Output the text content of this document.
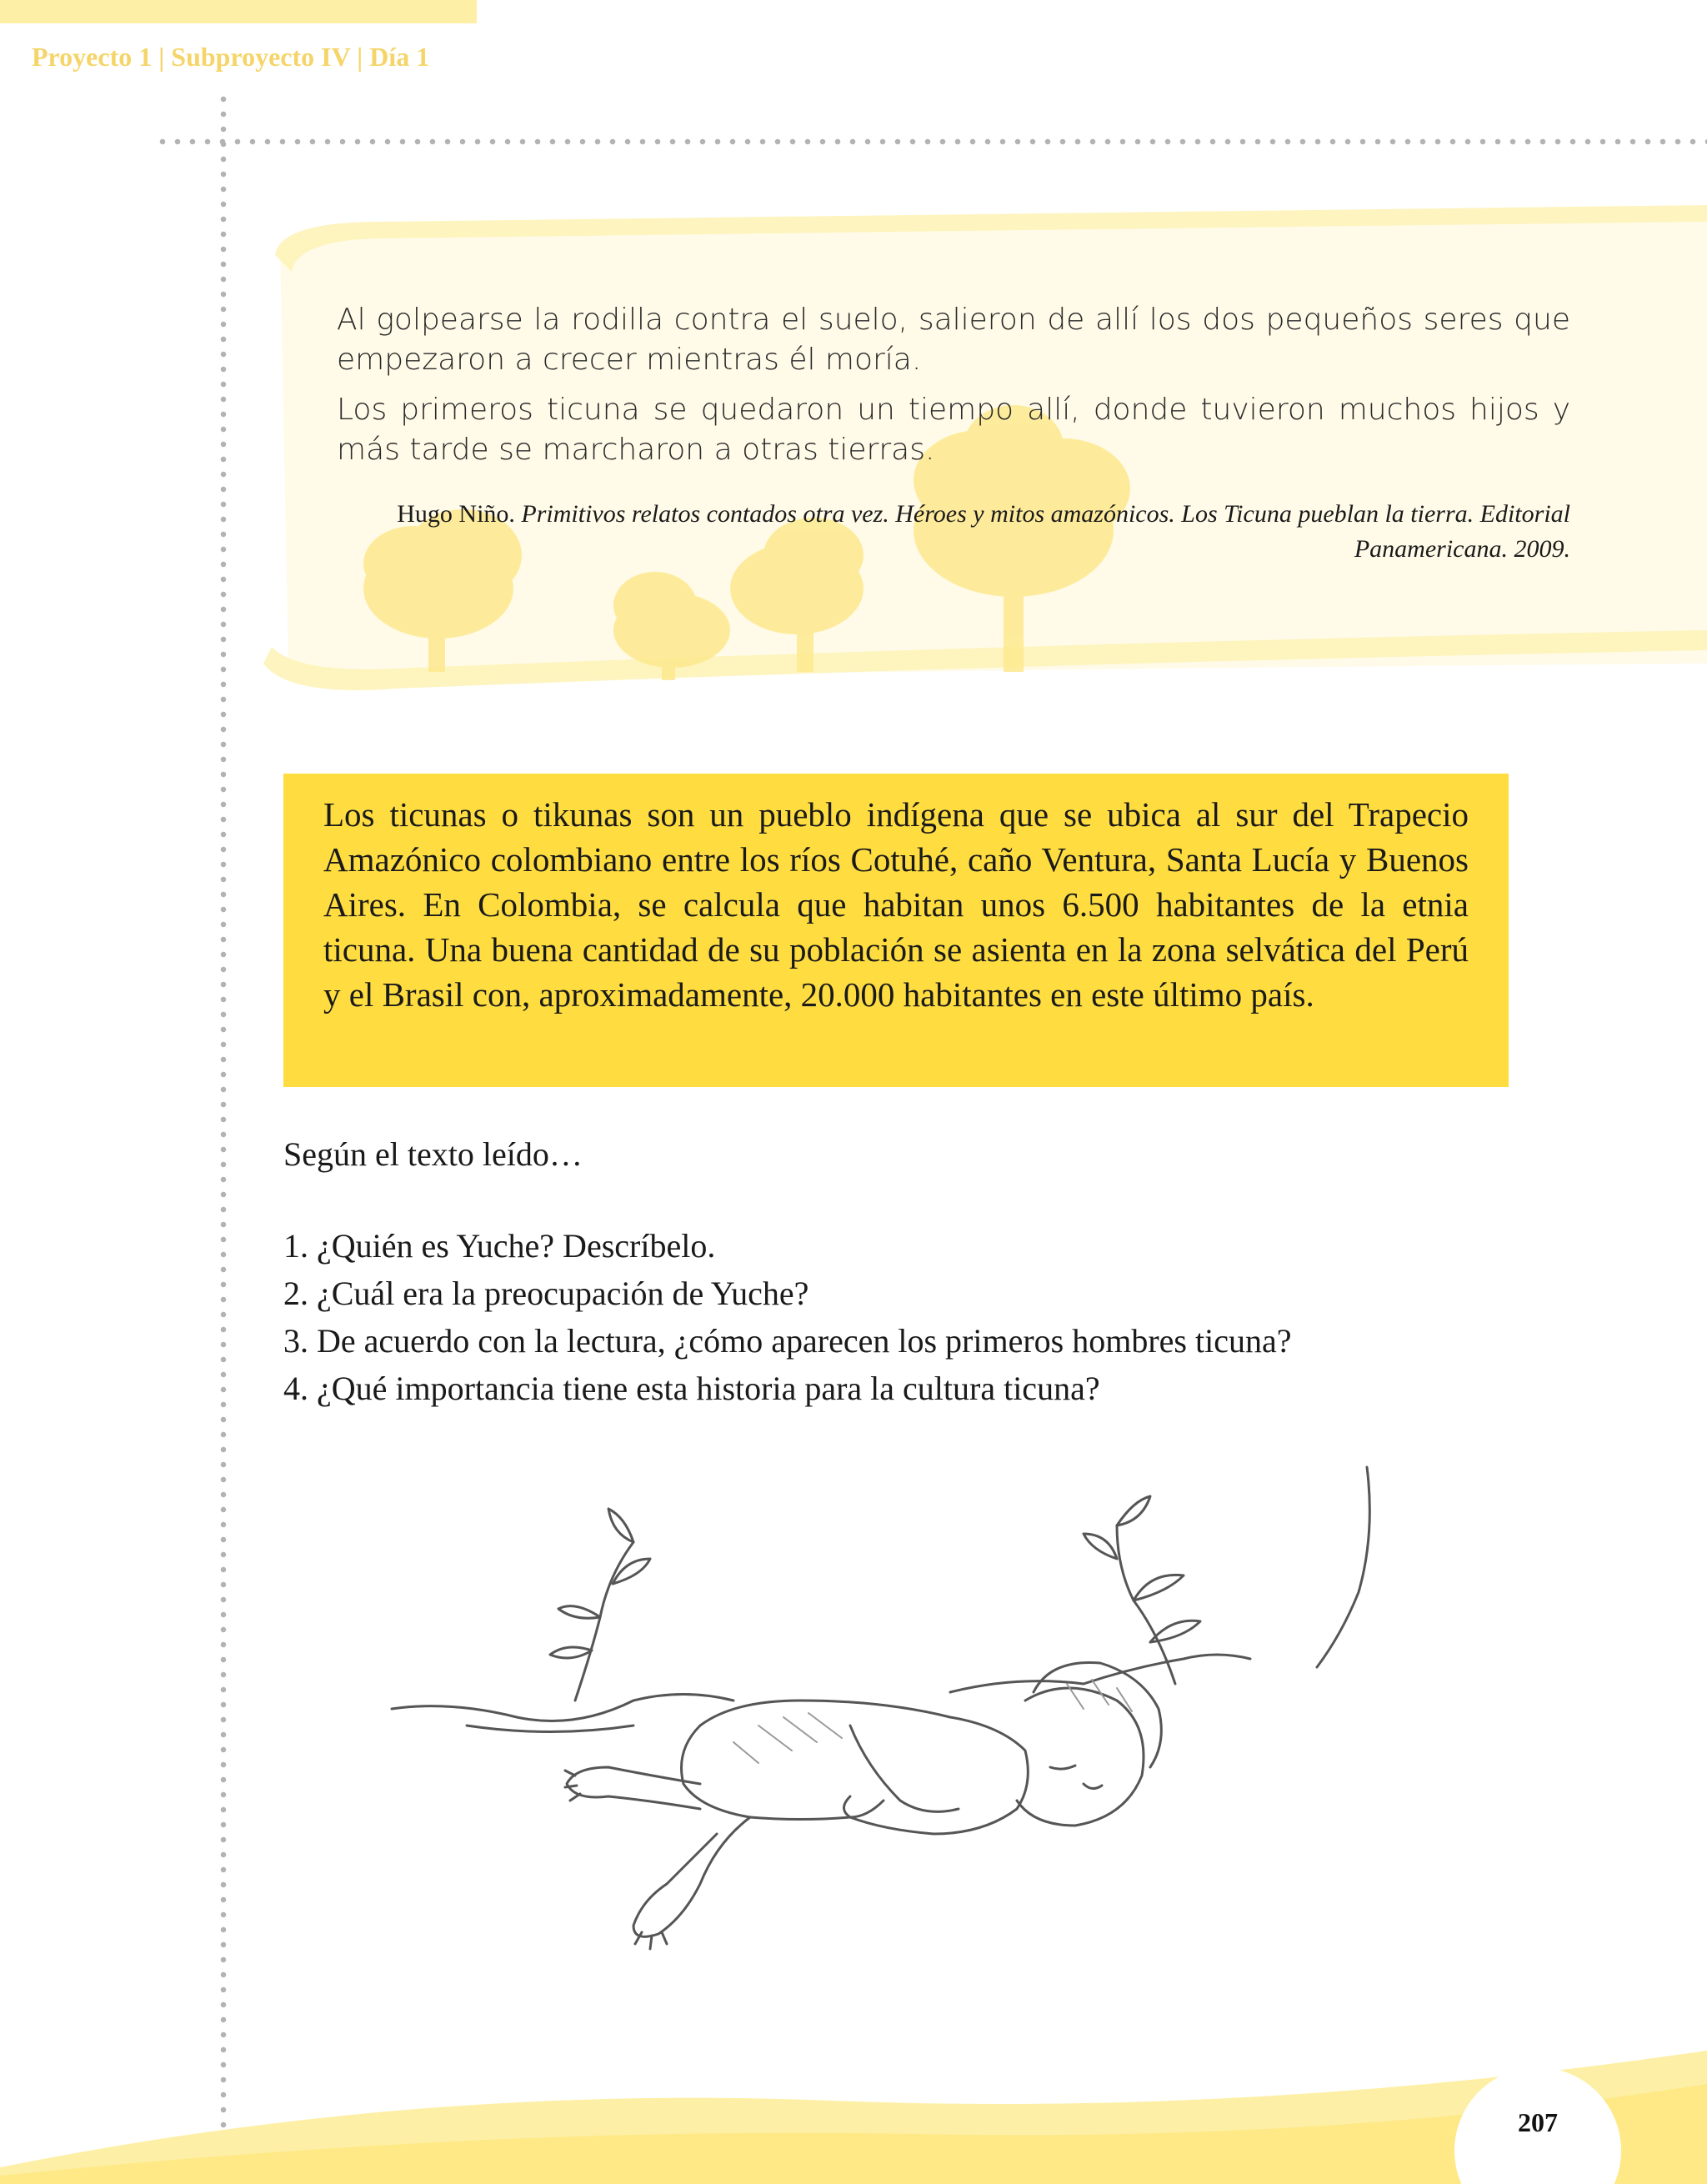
Proyecto 1 | Subproyecto IV | Día 1

Al golpearse la rodilla contra el suelo, salieron de allí los dos pequeños seres que empezaron a crecer mientras él moría.

Los primeros ticuna se quedaron un tiempo allí, donde tuvieron muchos hijos y más tarde se marcharon a otras tierras.

Hugo Niño. Primitivos relatos contados otra vez. Héroes y mitos amazónicos. Los Ticuna pueblan la tierra. Editorial Panamericana. 2009.

Los ticunas o tikunas son un pueblo indígena que se ubica al sur del Trapecio Amazónico colombiano entre los ríos Cotuhé, caño Ventura, Santa Lucía y Buenos Aires. En Colombia, se calcula que habitan unos 6.500 habitantes de la etnia ticuna. Una buena cantidad de su población se asienta en la zona selvática del Perú y el Brasil con, aproximadamente, 20.000 habitantes en este último país.

Según el texto leído…
1. ¿Quién es Yuche? Descríbelo.
2. ¿Cuál era la preocupación de Yuche?
3. De acuerdo con la lectura, ¿cómo aparecen los primeros hombres ticuna?
4. ¿Qué importancia tiene esta historia para la cultura ticuna?
207
